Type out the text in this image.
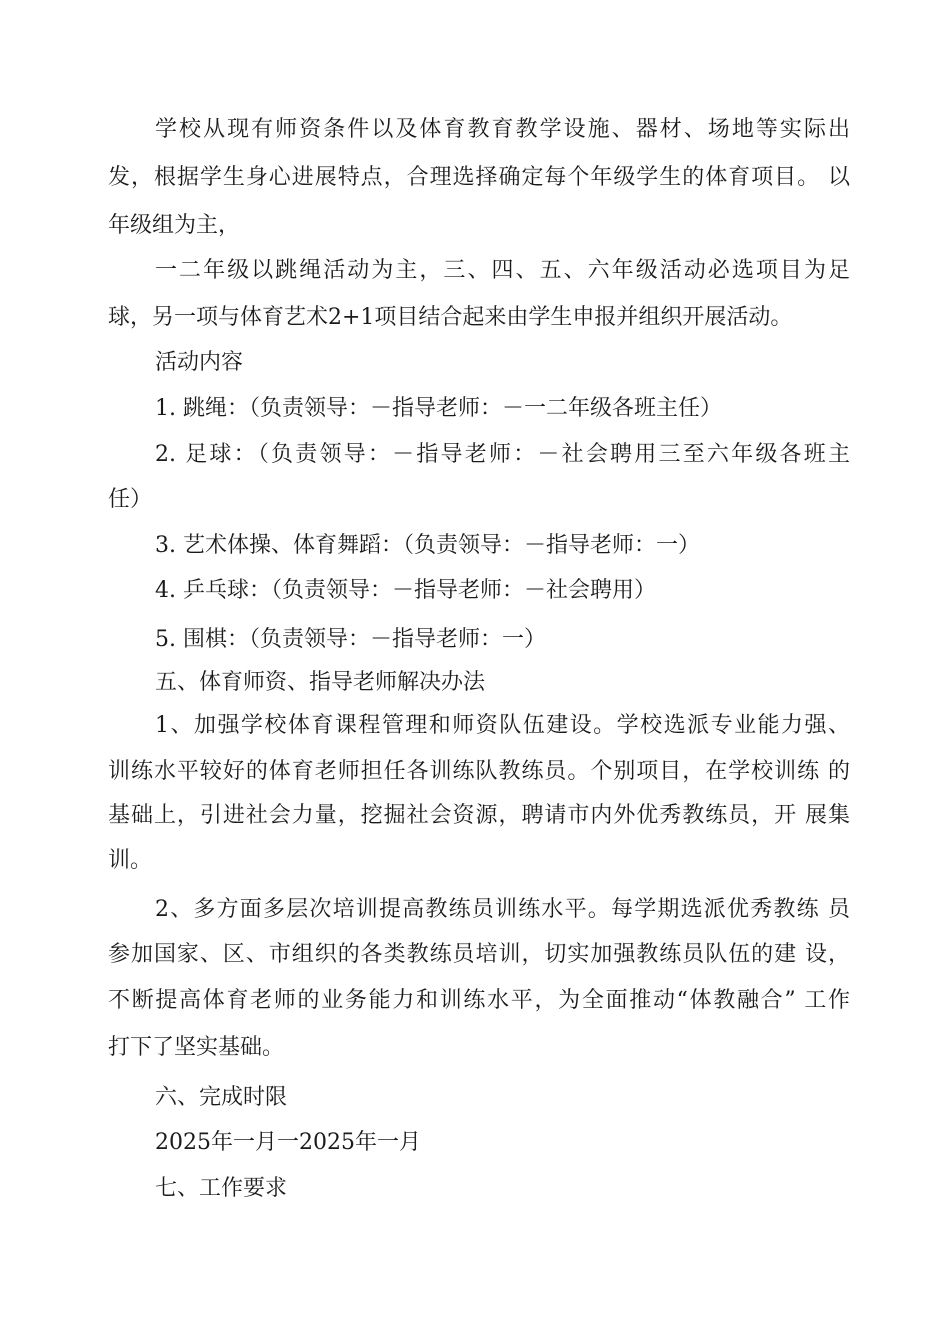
学校从现有师资条件以及体育教育教学设施、器材、场地等实际出

发，根据学生身心进展特点，合理选择确定每个年级学生的体育项目。 以

年级组为主，

一二年级以跳绳活动为主，三、四、五、六年级活动必选项目为足

球，另一项与体育艺术2+1项目结合起来由学生申报并组织开展活动。

活动内容

1. 跳绳：（负责领导：－指导老师：－一二年级各班主任）

2. 足球：（负责领导：－指导老师：－社会聘用三至六年级各班主

任）

3. 艺术体操、体育舞蹈：（负责领导：－指导老师：一）

4. 乒乓球：（负责领导：－指导老师：－社会聘用）

5. 围棋：（负责领导：－指导老师：一）

五、体育师资、指导老师解决办法

1、加强学校体育课程管理和师资队伍建设。学校选派专业能力强、

训练水平较好的体育老师担任各训练队教练员。个别项目，在学校训练 的

基础上，引进社会力量，挖掘社会资源，聘请市内外优秀教练员，开 展集

训。

2、多方面多层次培训提高教练员训练水平。每学期选派优秀教练 员

参加国家、区、市组织的各类教练员培训，切实加强教练员队伍的建 设，

不断提高体育老师的业务能力和训练水平，为全面推动“体教融合” 工作

打下了坚实基础。

六、完成时限

2025年一月一2025年一月

七、工作要求
